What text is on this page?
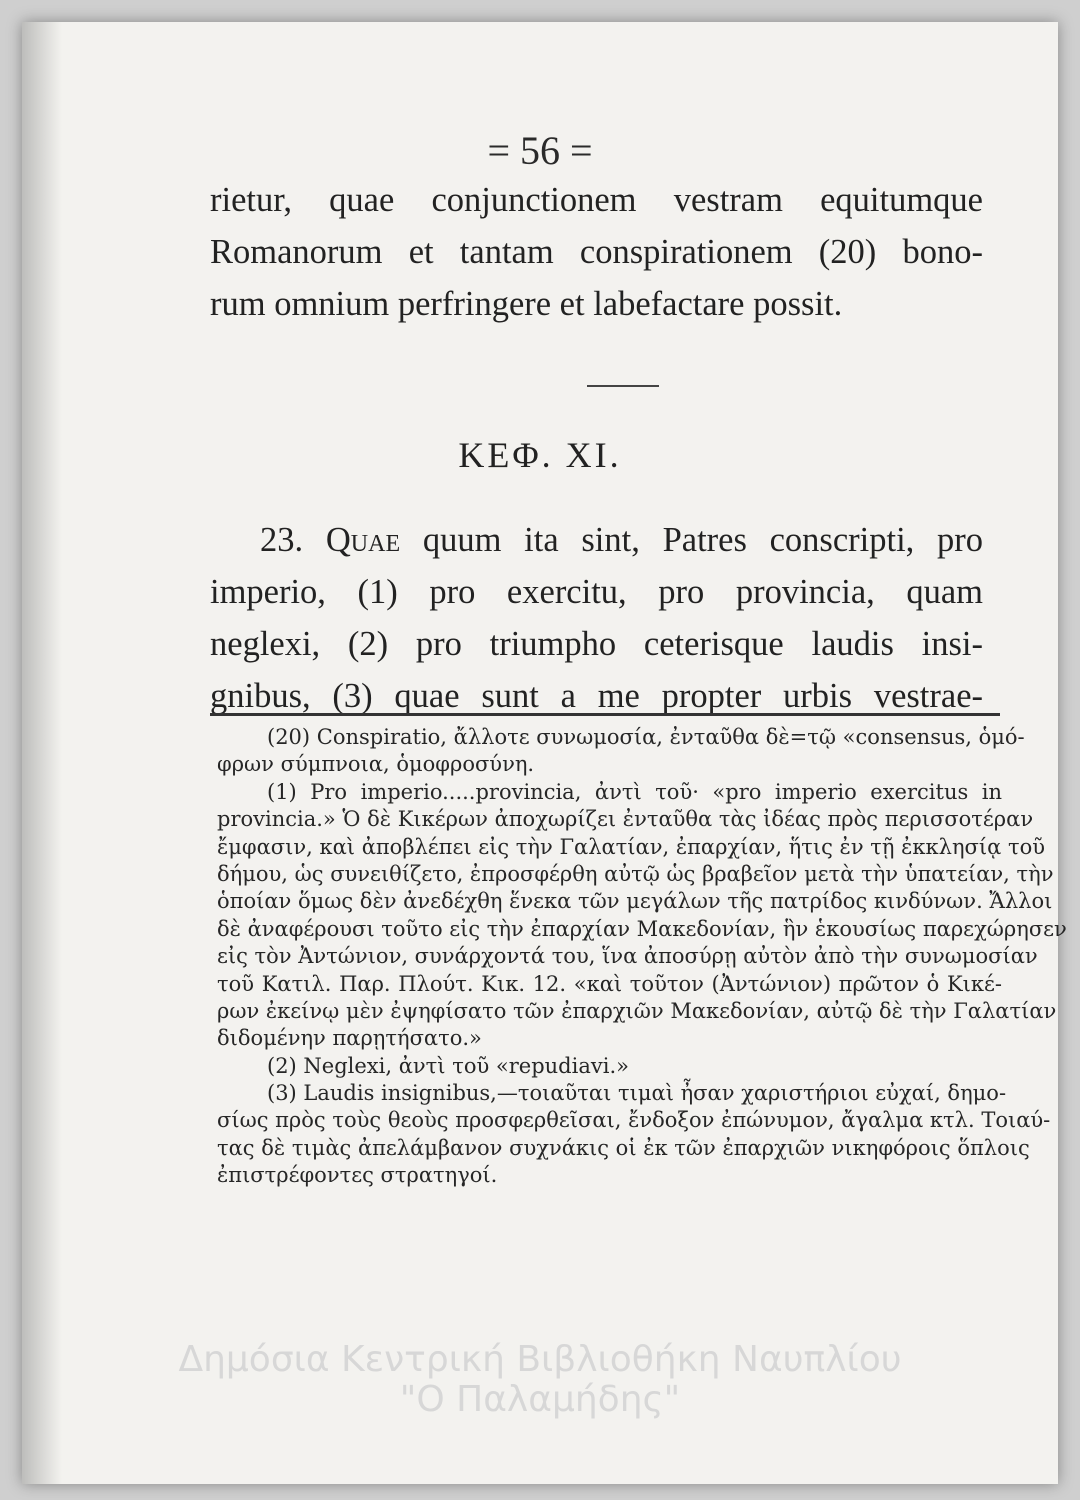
= 56 =
rietur, quae conjunctionem vestram equitumque
Romanorum et tantam conspirationem (20) bono-
rum omnium perfringere et labefactare possit.
ΚΕΦ. XI.
23. Quae quum ita sint, Patres conscripti, pro
imperio, (1) pro exercitu, pro provincia, quam
neglexi, (2) pro triumpho ceterisque laudis insi-
gnibus, (3) quae sunt a me propter urbis vestrae-
(20) Conspiratio, ἄλλοτε συνωμοσία, ἐνταῦθα δὲ=τῷ «consensus, ὁμό-
φρων σύμπνοια, ὁμοφροσύνη.
(1) Pro imperio.....provincia, ἀντὶ τοῦ· «pro imperio exercitus in
provincia.» Ὁ δὲ Κικέρων ἀποχωρίζει ἐνταῦθα τὰς ἰδέας πρὸς περισσοτέραν
ἔμφασιν, καὶ ἀποβλέπει εἰς τὴν Γαλατίαν, ἐπαρχίαν, ἥτις ἐν τῇ ἐκκλησίᾳ τοῦ
δήμου, ὡς συνειθίζετο, ἐπροσφέρθη αὐτῷ ὡς βραβεῖον μετὰ τὴν ὑπατείαν, τὴν
ὁποίαν ὅμως δὲν ἀνεδέχθη ἕνεκα τῶν μεγάλων τῆς πατρίδος κινδύνων. Ἄλλοι
δὲ ἀναφέρουσι τοῦτο εἰς τὴν ἐπαρχίαν Μακεδονίαν, ἣν ἑκουσίως παρεχώρησεν
εἰς τὸν Ἀντώνιον, συνάρχοντά του, ἵνα ἀποσύρῃ αὐτὸν ἀπὸ τὴν συνωμοσίαν
τοῦ Κατιλ. Παρ. Πλούτ. Κικ. 12. «καὶ τοῦτον (Ἀντώνιον) πρῶτον ὁ Κικέ-
ρων ἐκείνῳ μὲν ἐψηφίσατο τῶν ἐπαρχιῶν Μακεδονίαν, αὐτῷ δὲ τὴν Γαλατίαν
διδομένην παρῃτήσατο.»
(2) Neglexi, ἀντὶ τοῦ «repudiavi.»
(3) Laudis insignibus,—τοιαῦται τιμαὶ ἦσαν χαριστήριοι εὐχαί, δημο-
σίως πρὸς τοὺς θεοὺς προσφερθεῖσαι, ἔνδοξον ἐπώνυμον, ἄγαλμα κτλ. Τοιαύ-
τας δὲ τιμὰς ἀπελάμβανον συχνάκις οἱ ἐκ τῶν ἐπαρχιῶν νικηφόροις ὅπλοις
ἐπιστρέφοντες στρατηγοί.
Δημόσια Κεντρική Βιβλιοθήκη Ναυπλίου
"Ο Παλαμήδης"
